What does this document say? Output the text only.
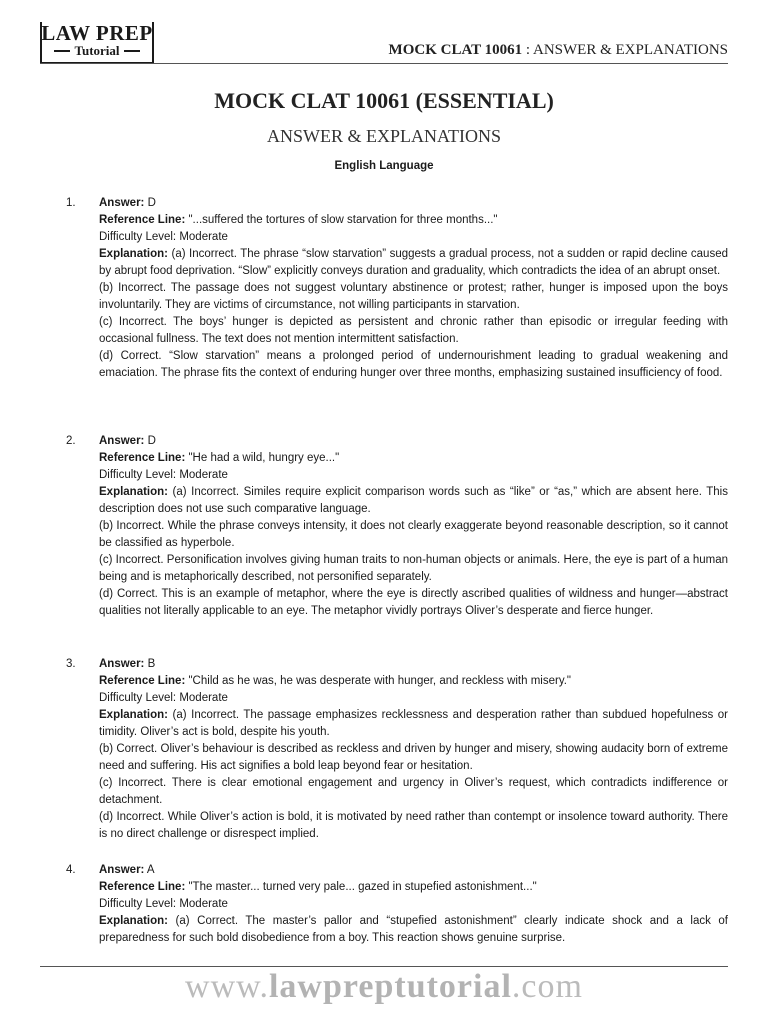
LAW PREP
Tutorial	MOCK CLAT 10061 : ANSWER & EXPLANATIONS
MOCK CLAT 10061 (ESSENTIAL)
ANSWER & EXPLANATIONS
English Language
1. Answer: D
Reference Line: "...suffered the tortures of slow starvation for three months..."
Difficulty Level: Moderate
Explanation: (a) Incorrect. The phrase “slow starvation” suggests a gradual process, not a sudden or rapid decline caused by abrupt food deprivation. “Slow” explicitly conveys duration and graduality, which contradicts the idea of an abrupt onset.
(b) Incorrect. The passage does not suggest voluntary abstinence or protest; rather, hunger is imposed upon the boys involuntarily. They are victims of circumstance, not willing participants in starvation.
(c) Incorrect. The boys’ hunger is depicted as persistent and chronic rather than episodic or irregular feeding with occasional fullness. The text does not mention intermittent satisfaction.
(d) Correct. “Slow starvation” means a prolonged period of undernourishment leading to gradual weakening and emaciation. The phrase fits the context of enduring hunger over three months, emphasizing sustained insufficiency of food.
2. Answer: D
Reference Line: "He had a wild, hungry eye..."
Difficulty Level: Moderate
Explanation: (a) Incorrect. Similes require explicit comparison words such as “like” or “as,” which are absent here. This description does not use such comparative language.
(b) Incorrect. While the phrase conveys intensity, it does not clearly exaggerate beyond reasonable description, so it cannot be classified as hyperbole.
(c) Incorrect. Personification involves giving human traits to non-human objects or animals. Here, the eye is part of a human being and is metaphorically described, not personified separately.
(d) Correct. This is an example of metaphor, where the eye is directly ascribed qualities of wildness and hunger—abstract qualities not literally applicable to an eye. The metaphor vividly portrays Oliver’s desperate and fierce hunger.
3. Answer: B
Reference Line: "Child as he was, he was desperate with hunger, and reckless with misery."
Difficulty Level: Moderate
Explanation: (a) Incorrect. The passage emphasizes recklessness and desperation rather than subdued hopefulness or timidity. Oliver’s act is bold, despite his youth.
(b) Correct. Oliver’s behaviour is described as reckless and driven by hunger and misery, showing audacity born of extreme need and suffering. His act signifies a bold leap beyond fear or hesitation.
(c) Incorrect. There is clear emotional engagement and urgency in Oliver’s request, which contradicts indifference or detachment.
(d) Incorrect. While Oliver’s action is bold, it is motivated by need rather than contempt or insolence toward authority. There is no direct challenge or disrespect implied.
4. Answer: A
Reference Line: "The master... turned very pale... gazed in stupefied astonishment..."
Difficulty Level: Moderate
Explanation: (a) Correct. The master’s pallor and “stupefied astonishment” clearly indicate shock and a lack of preparedness for such bold disobedience from a boy. This reaction shows genuine surprise.
www.lawpreptutorial.com
